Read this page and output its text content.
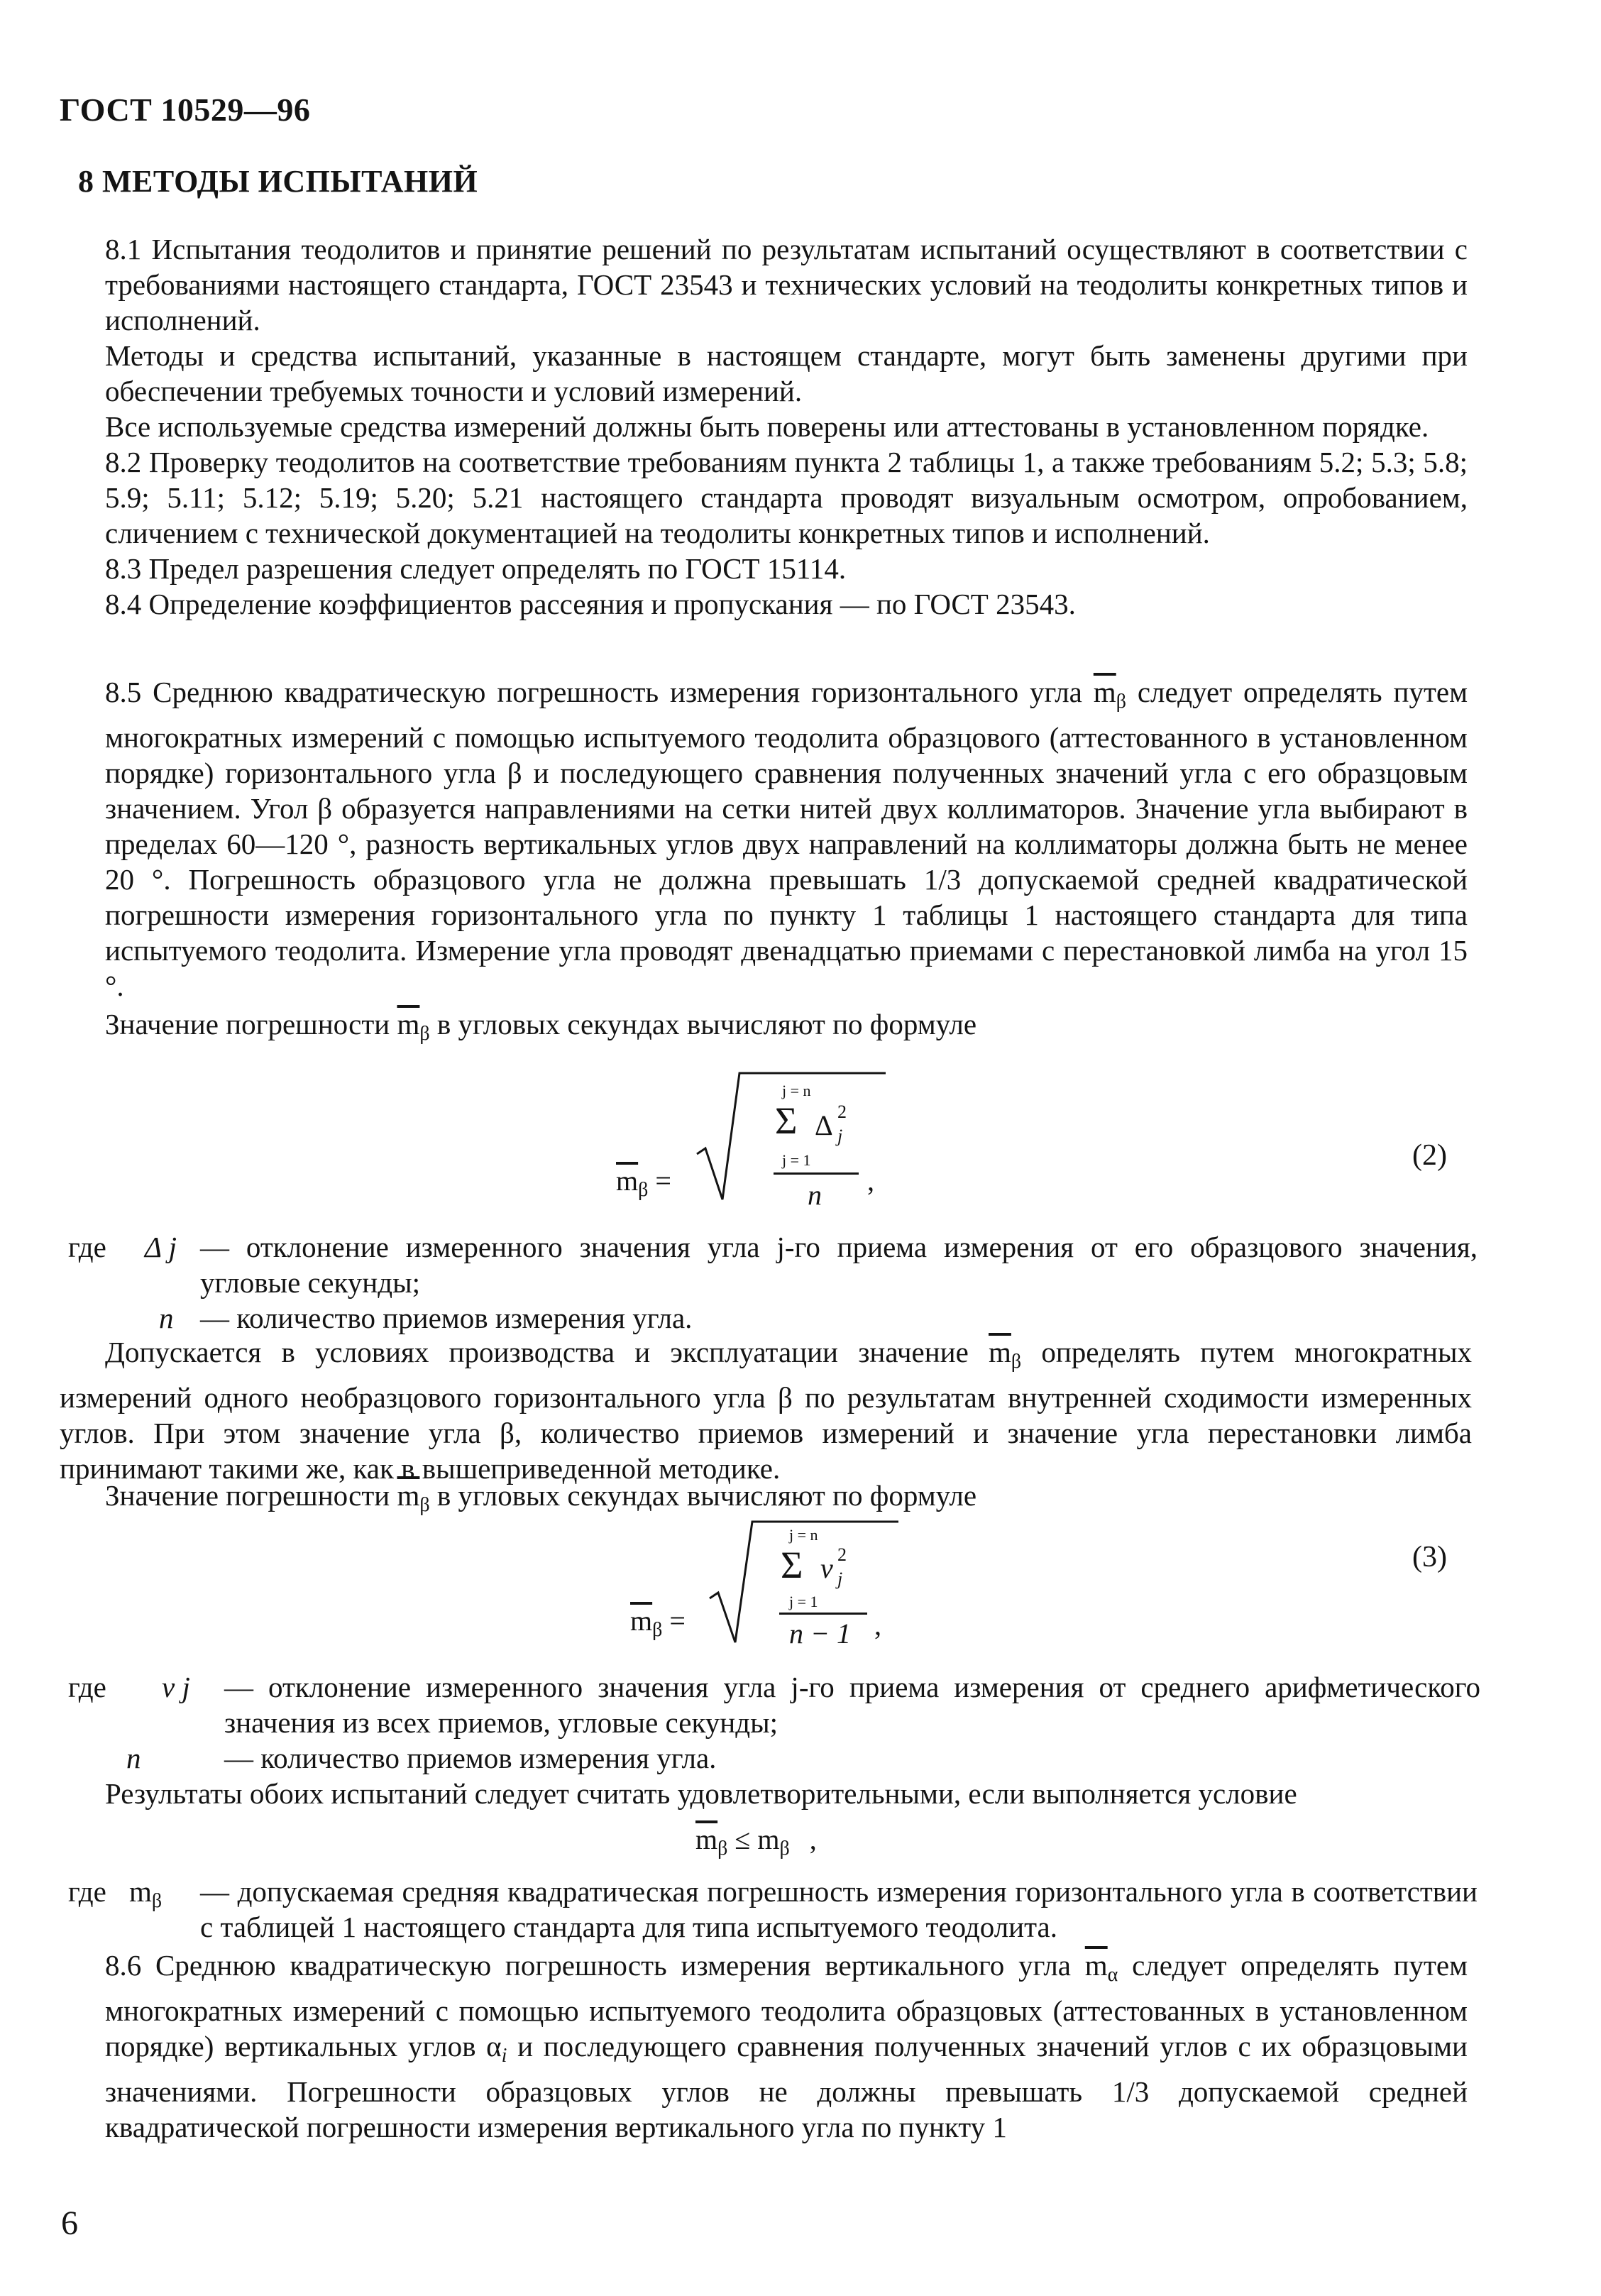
ГОСТ 10529—96
8 МЕТОДЫ ИСПЫТАНИЙ

8.1 Испытания теодолитов и принятие решений по результатам испытаний осуществляют в соответствии с требованиями настоящего стандарта, ГОСТ 23543 и технических условий на теодолиты конкретных типов и исполнений.

Методы и средства испытаний, указанные в настоящем стандарте, могут быть заменены другими при обеспечении требуемых точности и условий измерений.

Все используемые средства измерений должны быть поверены или аттестованы в установленном порядке.

8.2 Проверку теодолитов на соответствие требованиям пункта 2 таблицы 1, а также требованиям 5.2; 5.3; 5.8; 5.9; 5.11; 5.12; 5.19; 5.20; 5.21 настоящего стандарта проводят визуальным осмотром, опробованием, сличением с технической документацией на теодолиты конкретных типов и исполнений.

8.3 Предел разрешения следует определять по ГОСТ 15114.

8.4 Определение коэффициентов рассеяния и пропускания — по ГОСТ 23543.

8.5 Среднюю квадратическую погрешность измерения горизонтального угла $\overline{m}_\beta$ следует определять путем многократных измерений с помощью испытуемого теодолита образцового (аттестованного в установленном порядке) горизонтального угла β и последующего сравнения полученных значений угла с его образцовым значением. Угол β образуется направлениями на сетки нитей двух коллиматоров. Значение угла выбирают в пределах 60—120 °, разность вертикальных углов двух направлений на коллиматоры должна быть не менее 20 °. Погрешность образцового угла не должна превышать 1/3 допускаемой средней квадратической погрешности измерения горизонтального угла по пункту 1 таблицы 1 настоящего стандарта для типа испытуемого теодолита. Измерение угла проводят двенадцатью приемами с перестановкой лимба на угол 15 °.
Значение погрешности $\overline{m}_\beta$ в угловых секундах вычисляют по формуле
$\overline{m}_\beta$ =
j = n
Σ Δ 2
j
j = 1
n ,
(2)
где Δ j — отклонение измеренного значения угла j-го приема измерения от его образцового значения, угловые секунды;
n — количество приемов измерения угла.
Допускается в условиях производства и эксплуатации значение $\overline{m}_\beta$ определять путем многократных измерений одного необразцового горизонтального угла β по результатам внутренней сходимости измеренных углов. При этом значение угла β, количество приемов измерений и значение угла перестановки лимба принимают такими же, как в вышеприведенной методике.
Значение погрешности $\overline{m}_\beta$ в угловых секундах вычисляют по формуле
$\overline{m}_\beta$ =
j = n
Σ v 2
j
j = 1
n − 1 ,
(3)
где v j — отклонение измеренного значения угла j-го приема измерения от среднего арифметического значения из всех приемов, угловые секунды;
n	— количество приемов измерения угла.
Результаты обоих испытаний следует считать удовлетворительными, если выполняется условие
$\overline{m}_\beta \le m_\beta$ ,
где $m_\beta$ — допускаемая средняя квадратическая погрешность измерения горизонтального угла в соответствии с таблицей 1 настоящего стандарта для типа испытуемого теодолита.
8.6 Среднюю квадратическую погрешность измерения вертикального угла $\overline{m}_\alpha$ следует определять путем многократных измерений с помощью испытуемого теодолита образцовых (аттестованных в установленном порядке) вертикальных углов $\alpha_i$ и последующего сравнения полученных значений углов с их образцовыми значениями. Погрешности образцовых углов не должны превышать 1/3 допускаемой средней квадратической погрешности измерения вертикального угла по пункту 1
6
